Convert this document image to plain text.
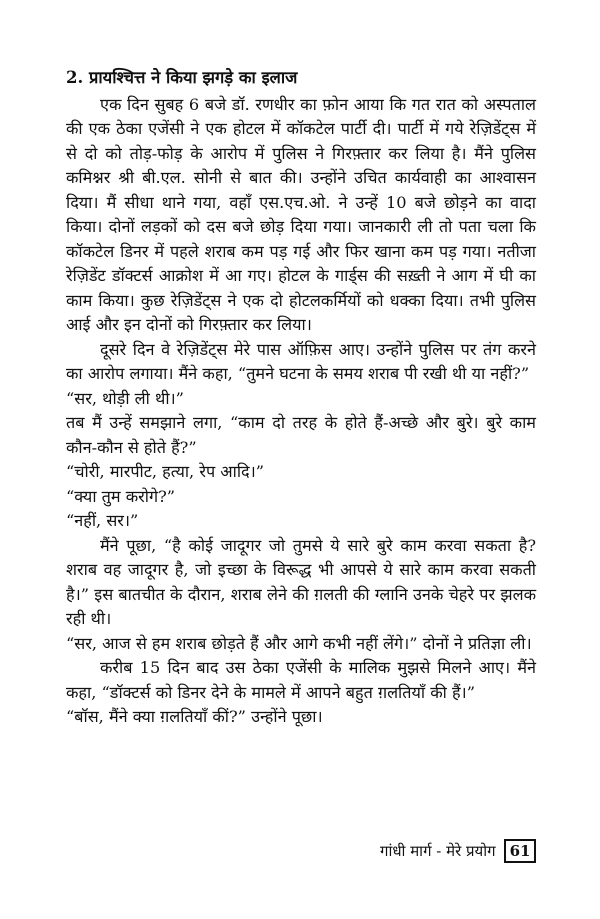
2. प्रायश्चित्त ने किया झगड़े का इलाज

एक दिन सुबह 6 बजे डॉ. रणधीर का फ़ोन आया कि गत रात को अस्पताल की एक ठेका एजेंसी ने एक होटल में कॉकटेल पार्टी दी। पार्टी में गये रेज़िडेंट्स में से दो को तोड़-फोड़ के आरोप में पुलिस ने गिरफ़्तार कर लिया है। मैंने पुलिस कमिश्नर श्री बी.एल. सोनी से बात की। उन्होंने उचित कार्यवाही का आश्वासन दिया। मैं सीधा थाने गया, वहाँ एस.एच.ओ. ने उन्हें 10 बजे छोड़ने का वादा किया। दोनों लड़कों को दस बजे छोड़ दिया गया। जानकारी ली तो पता चला कि कॉकटेल डिनर में पहले शराब कम पड़ गई और फिर खाना कम पड़ गया। नतीजा रेज़िडेंट डॉक्टर्स आक्रोश में आ गए। होटल के गार्ड्स की सख़्ती ने आग में घी का काम किया। कुछ रेज़िडेंट्स ने एक दो होटलकर्मियों को धक्का दिया। तभी पुलिस आई और इन दोनों को गिरफ़्तार कर लिया।

दूसरे दिन वे रेज़िडेंट्स मेरे पास ऑफ़िस आए। उन्होंने पुलिस पर तंग करने का आरोप लगाया। मैंने कहा, “तुमने घटना के समय शराब पी रखी थी या नहीं?”

“सर, थोड़ी ली थी।”

तब मैं उन्हें समझाने लगा, “काम दो तरह के होते हैं-अच्छे और बुरे। बुरे काम कौन-कौन से होते हैं?”

“चोरी, मारपीट, हत्या, रेप आदि।”

“क्या तुम करोगे?”

“नहीं, सर।”

मैंने पूछा, “है कोई जादूगर जो तुमसे ये सारे बुरे काम करवा सकता है? शराब वह जादूगर है, जो इच्छा के विरूद्ध भी आपसे ये सारे काम करवा सकती है।” इस बातचीत के दौरान, शराब लेने की ग़लती की ग्लानि उनके चेहरे पर झलक रही थी।

“सर, आज से हम शराब छोड़ते हैं और आगे कभी नहीं लेंगे।” दोनों ने प्रतिज्ञा ली।

करीब 15 दिन बाद उस ठेका एजेंसी के मालिक मुझसे मिलने आए। मैंने कहा, “डॉक्टर्स को डिनर देने के मामले में आपने बहुत ग़लतियाँ की हैं।”

“बॉस, मैंने क्या ग़लतियाँ कीं?” उन्होंने पूछा।

गांधी मार्ग - मेरे प्रयोग 61
